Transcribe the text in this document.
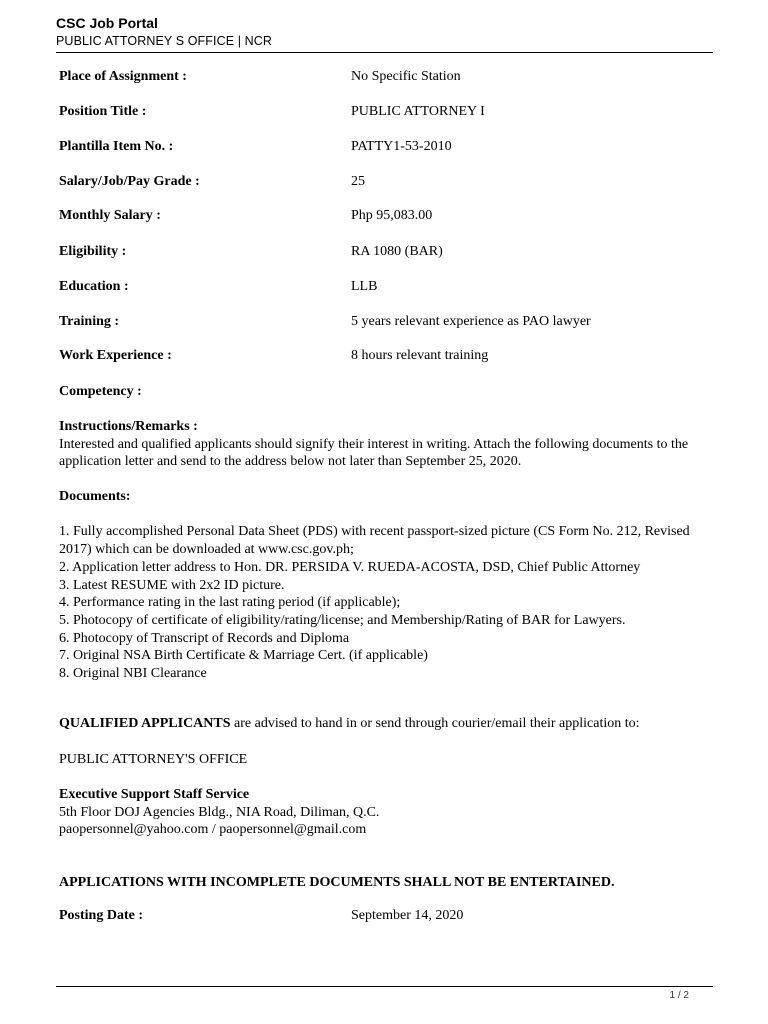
CSC Job Portal
PUBLIC ATTORNEY S OFFICE | NCR
Place of Assignment :	No Specific Station
Position Title :	PUBLIC ATTORNEY I
Plantilla Item No. :	PATTY1-53-2010
Salary/Job/Pay Grade :	25
Monthly Salary :	Php 95,083.00
Eligibility :	RA 1080 (BAR)
Education :	LLB
Training :	5 years relevant experience as PAO lawyer
Work Experience :	8 hours relevant training
Competency :
Instructions/Remarks :
Interested and qualified applicants should signify their interest in writing. Attach the following documents to the application letter and send to the address below not later than September 25, 2020.
Documents:
1. Fully accomplished Personal Data Sheet (PDS) with recent passport-sized picture (CS Form No. 212, Revised 2017) which can be downloaded at www.csc.gov.ph;
2. Application letter address to Hon. DR. PERSIDA V. RUEDA-ACOSTA, DSD, Chief Public Attorney
3. Latest RESUME with 2x2 ID picture.
4. Performance rating in the last rating period (if applicable);
5. Photocopy of certificate of eligibility/rating/license; and Membership/Rating of BAR for Lawyers.
6. Photocopy of Transcript of Records and Diploma
7. Original NSA Birth Certificate & Marriage Cert. (if applicable)
8. Original NBI Clearance
QUALIFIED APPLICANTS are advised to hand in or send through courier/email their application to:
PUBLIC ATTORNEY'S OFFICE
Executive Support Staff Service
5th Floor DOJ Agencies Bldg., NIA Road, Diliman, Q.C.
paopersonnel@yahoo.com / paopersonnel@gmail.com
APPLICATIONS WITH INCOMPLETE DOCUMENTS SHALL NOT BE ENTERTAINED.
Posting Date :	September 14, 2020
1 / 2
